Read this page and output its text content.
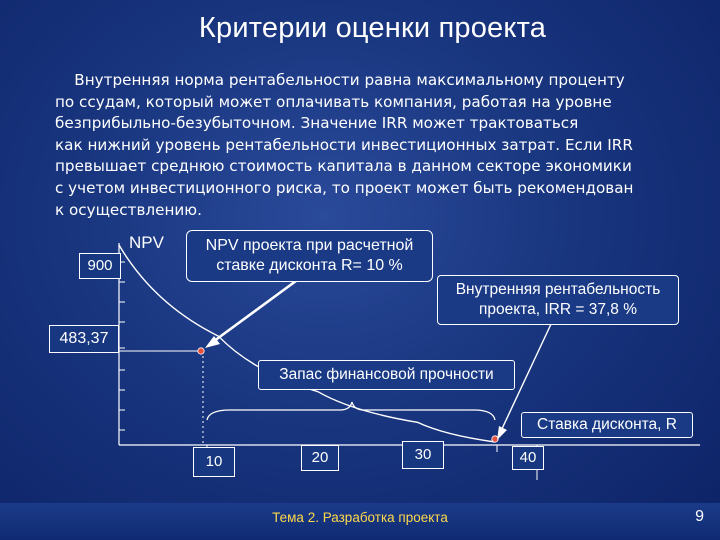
Критерии оценки проекта
Внутренняя норма рентабельности равна максимальному проценту
по ссудам, который может оплачивать компания, работая на уровне
безприбыльно-безубыточном. Значение IRR может трактоваться
как нижний уровень рентабельности инвестиционных затрат. Если IRR
превышает среднюю стоимость капитала в данном секторе экономики
с учетом инвестиционного риска, то проект может быть рекомендован
к осуществлению.
NPV
900
483,37
10	20	30	40
NPV проекта при расчетной
ставке дисконта R= 10 %
Внутренняя рентабельность
проекта, IRR = 37,8 %
Запас финансовой прочности
Ставка дисконта, R
Тема 2. Разработка проекта	9
